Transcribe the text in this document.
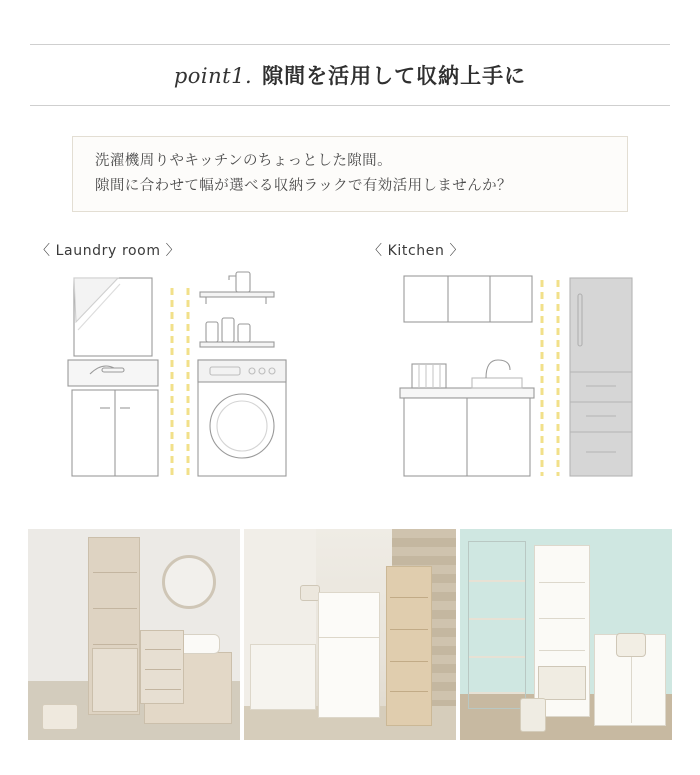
point1. 隙間を活用して収納上手に
洗濯機周りやキッチンのちょっとした隙間。
隙間に合わせて幅が選べる収納ラックで有効活用しませんか？
〈 Laundry room 〉	〈 Kitchen 〉
